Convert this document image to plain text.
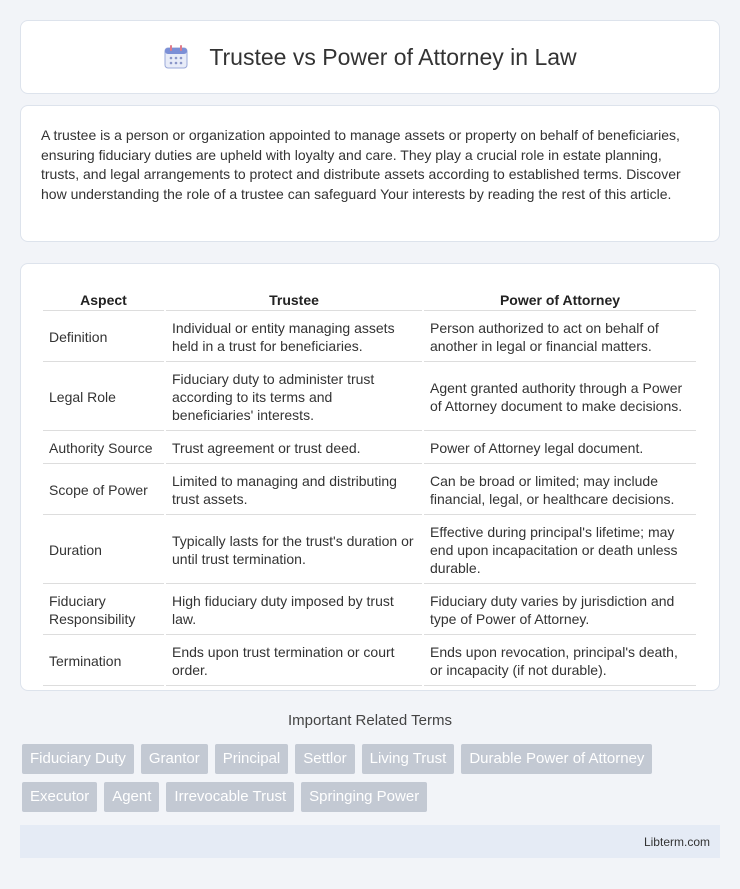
Trustee vs Power of Attorney in Law

A trustee is a person or organization appointed to manage assets or property on behalf of beneficiaries, ensuring fiduciary duties are upheld with loyalty and care. They play a crucial role in estate planning, trusts, and legal arrangements to protect and distribute assets according to established terms. Discover how understanding the role of a trustee can safeguard Your interests by reading the rest of this article.

Aspect	Trustee	Power of Attorney
Definition	Individual or entity managing assets held in a trust for beneficiaries.	Person authorized to act on behalf of another in legal or financial matters.
Legal Role	Fiduciary duty to administer trust according to its terms and beneficiaries' interests.	Agent granted authority through a Power of Attorney document to make decisions.
Authority Source	Trust agreement or trust deed.	Power of Attorney legal document.
Scope of Power	Limited to managing and distributing trust assets.	Can be broad or limited; may include financial, legal, or healthcare decisions.
Duration	Typically lasts for the trust's duration or until trust termination.	Effective during principal's lifetime; may end upon incapacitation or death unless durable.
Fiduciary Responsibility	High fiduciary duty imposed by trust law.	Fiduciary duty varies by jurisdiction and type of Power of Attorney.
Termination	Ends upon trust termination or court order.	Ends upon revocation, principal's death, or incapacity (if not durable).
Important Related Terms
Fiduciary Duty	Grantor	Principal	Settlor	Living Trust	Durable Power of Attorney
Executor	Agent	Irrevocable Trust	Springing Power
Libterm.com
